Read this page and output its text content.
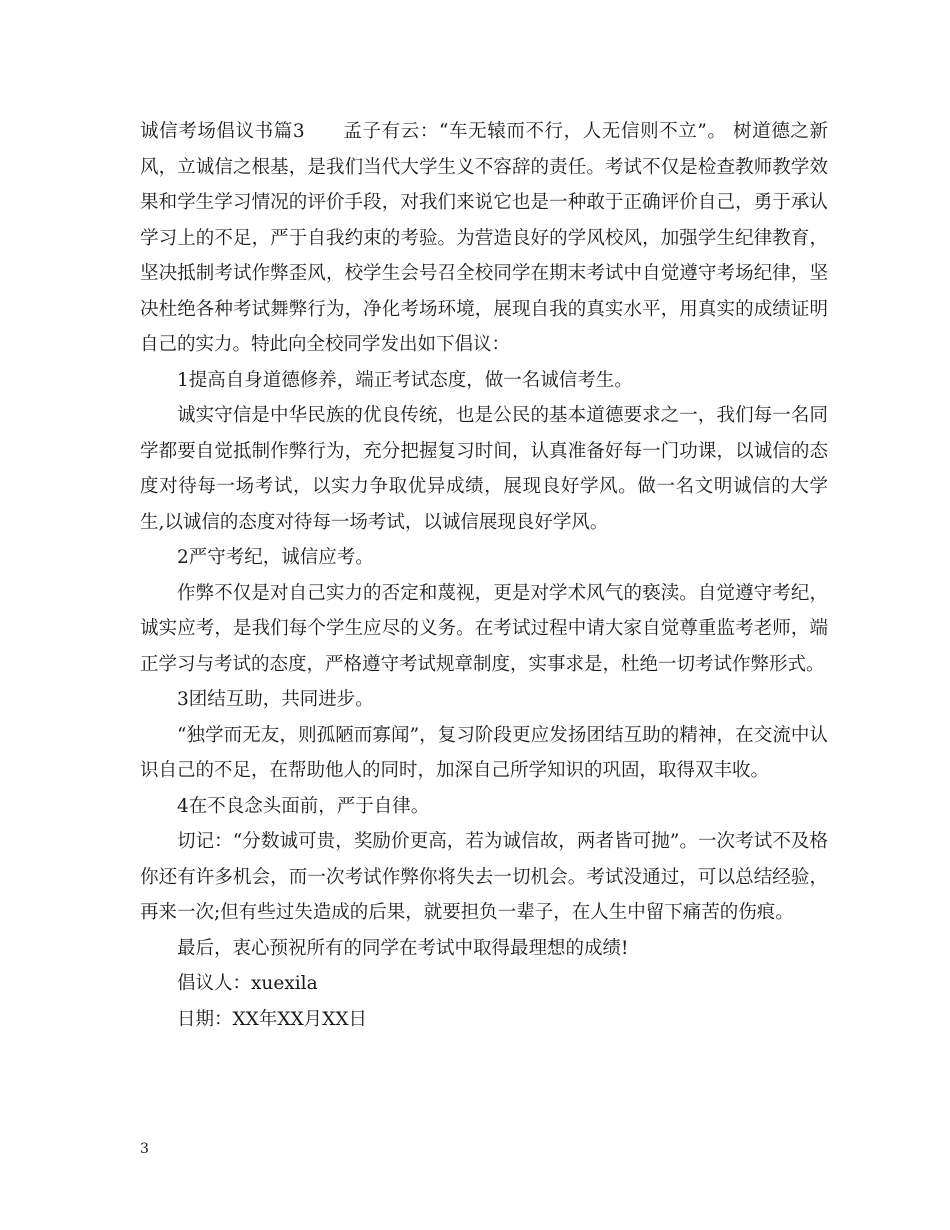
诚信考场倡议书篇3　　孟子有云：“车无辕而不行，人无信则不立”。 树道德之新风，立诚信之根基，是我们当代大学生义不容辞的责任。考试不仅是检查教师教学效果和学生学习情况的评价手段，对我们来说它也是一种敢于正确评价自己，勇于承认学习上的不足，严于自我约束的考验。为营造良好的学风校风，加强学生纪律教育，坚决抵制考试作弊歪风，校学生会号召全校同学在期末考试中自觉遵守考场纪律，坚决杜绝各种考试舞弊行为，净化考场环境，展现自我的真实水平，用真实的成绩证明自己的实力。特此向全校同学发出如下倡议：

1提高自身道德修养，端正考试态度，做一名诚信考生。

诚实守信是中华民族的优良传统，也是公民的基本道德要求之一，我们每一名同学都要自觉抵制作弊行为，充分把握复习时间，认真准备好每一门功课，以诚信的态度对待每一场考试，以实力争取优异成绩，展现良好学风。做一名文明诚信的大学生,以诚信的态度对待每一场考试，以诚信展现良好学风。

2严守考纪，诚信应考。

作弊不仅是对自己实力的否定和蔑视，更是对学术风气的亵渎。自觉遵守考纪，诚实应考，是我们每个学生应尽的义务。在考试过程中请大家自觉尊重监考老师，端正学习与考试的态度，严格遵守考试规章制度，实事求是，杜绝一切考试作弊形式。

3团结互助，共同进步。

“独学而无友，则孤陋而寡闻”，复习阶段更应发扬团结互助的精神，在交流中认识自己的不足，在帮助他人的同时，加深自己所学知识的巩固，取得双丰收。

4在不良念头面前，严于自律。

切记：“分数诚可贵，奖励价更高，若为诚信故，两者皆可抛”。一次考试不及格你还有许多机会，而一次考试作弊你将失去一切机会。考试没通过，可以总结经验，再来一次;但有些过失造成的后果，就要担负一辈子，在人生中留下痛苦的伤痕。

最后，衷心预祝所有的同学在考试中取得最理想的成绩!

倡议人：xuexila

日期：XX年XX月XX日

3
